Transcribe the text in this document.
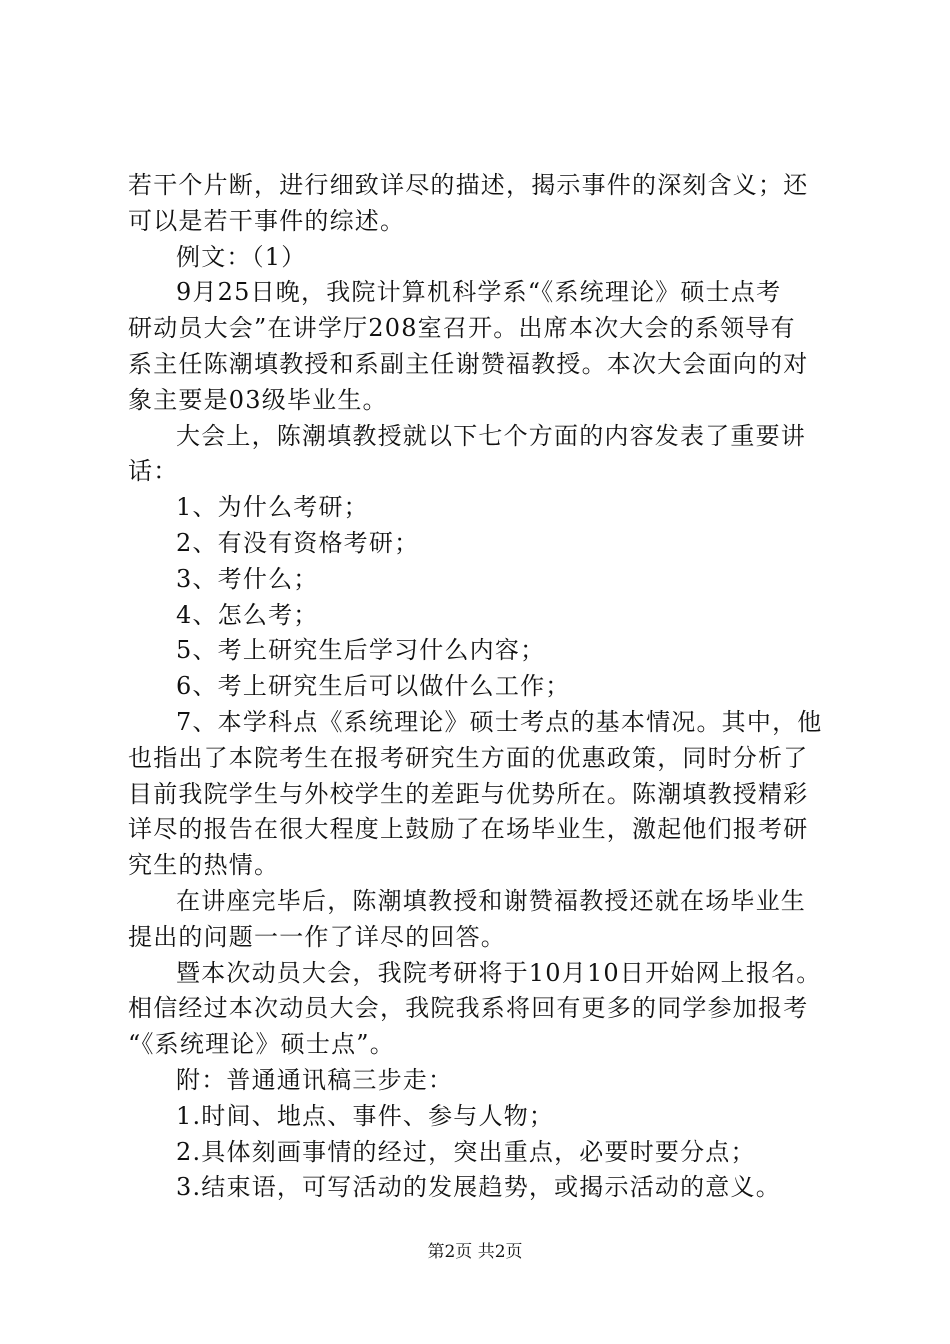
若干个片断，进行细致详尽的描述，揭示事件的深刻含义；还
可以是若干事件的综述。
例文：（1）
9月25日晚，我院计算机科学系“《系统理论》硕士点考
研动员大会”在讲学厅208室召开。出席本次大会的系领导有
系主任陈潮填教授和系副主任谢赞福教授。本次大会面向的对
象主要是03级毕业生。
大会上，陈潮填教授就以下七个方面的内容发表了重要讲
话：
1、为什么考研；
2、有没有资格考研；
3、考什么；
4、怎么考；
5、考上研究生后学习什么内容；
6、考上研究生后可以做什么工作；
7、本学科点《系统理论》硕士考点的基本情况。其中，他
也指出了本院考生在报考研究生方面的优惠政策，同时分析了
目前我院学生与外校学生的差距与优势所在。陈潮填教授精彩
详尽的报告在很大程度上鼓励了在场毕业生，激起他们报考研
究生的热情。
在讲座完毕后，陈潮填教授和谢赞福教授还就在场毕业生
提出的问题一一作了详尽的回答。
暨本次动员大会，我院考研将于10月10日开始网上报名。
相信经过本次动员大会，我院我系将回有更多的同学参加报考
“《系统理论》硕士点”。
附：普通通讯稿三步走：
1.时间、地点、事件、参与人物；
2.具体刻画事情的经过，突出重点，必要时要分点；
3.结束语，可写活动的发展趋势，或揭示活动的意义。
第2页 共2页
